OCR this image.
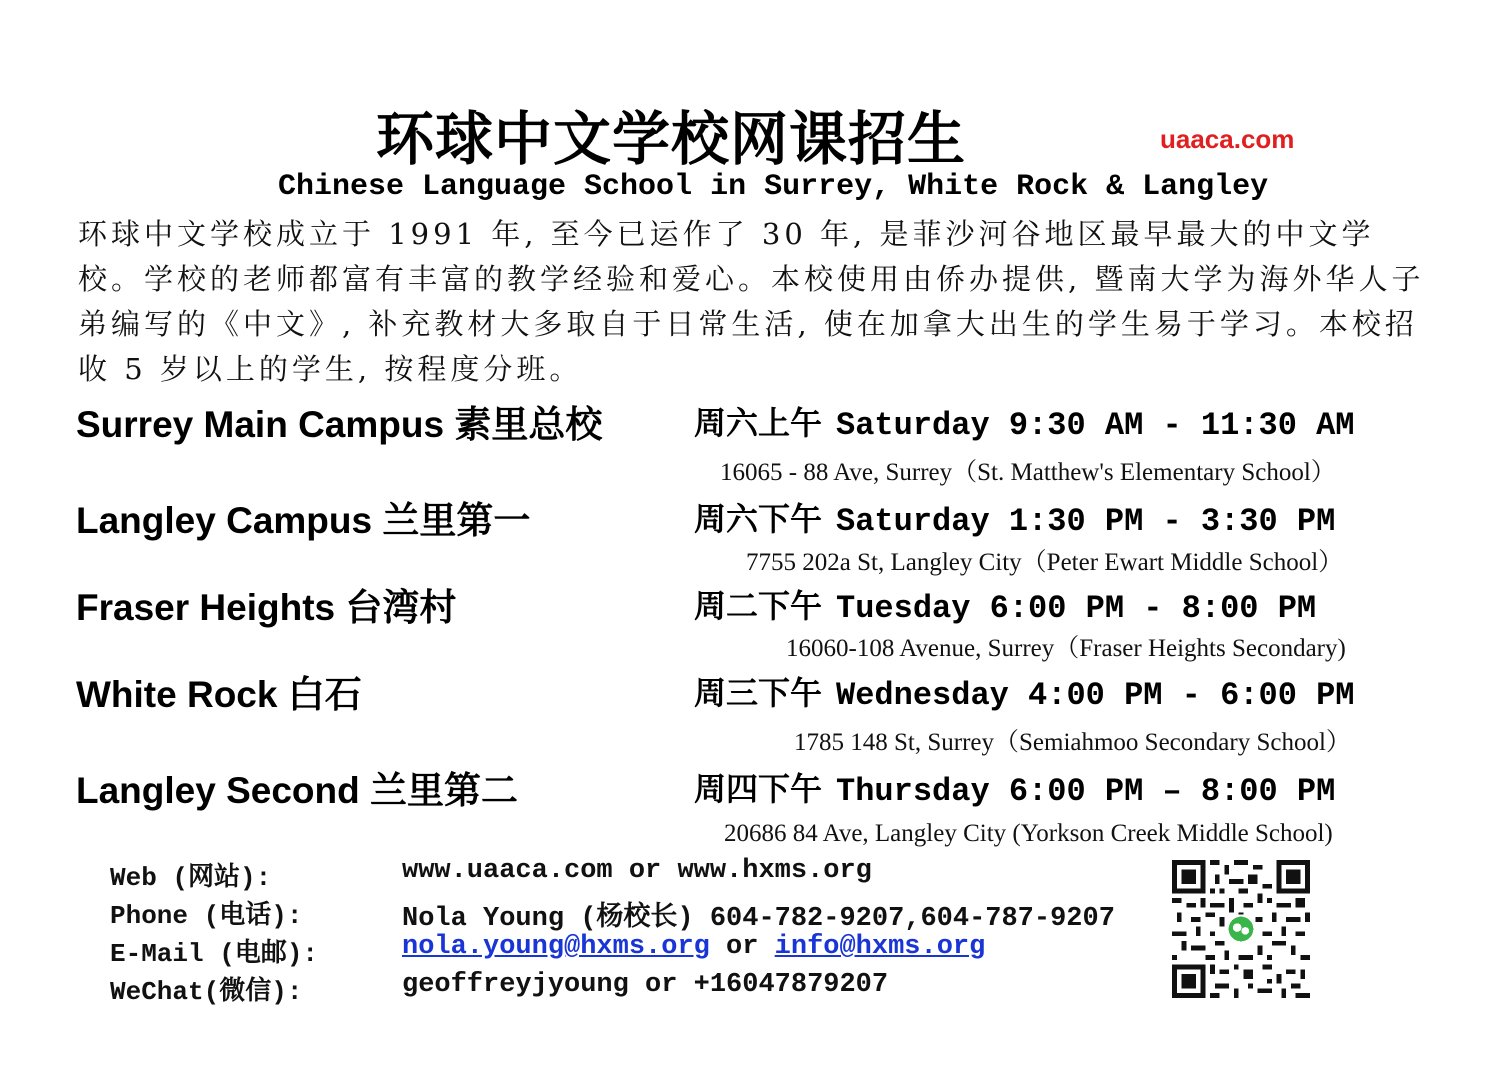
环球中文学校网课招生	uaaca.com
Chinese Language School in Surrey, White Rock & Langley
环球中文学校成立于 1991 年, 至今已运作了 30 年, 是菲沙河谷地区最早最大的中文学校。学校的老师都富有丰富的教学经验和爱心。本校使用由侨办提供, 暨南大学为海外华人子弟编写的《中文》, 补充教材大多取自于日常生活, 使在加拿大出生的学生易于学习。本校招收 5 岁以上的学生, 按程度分班。
Surrey Main Campus 素里总校	周六上午 Saturday 9:30 AM - 11:30 AM
16065 - 88 Ave, Surrey（St. Matthew's Elementary School）
Langley Campus 兰里第一	周六下午 Saturday 1:30 PM - 3:30 PM
7755 202a St, Langley City（Peter Ewart Middle School）
Fraser Heights 台湾村	周二下午 Tuesday 6:00 PM - 8:00 PM
16060-108 Avenue, Surrey（Fraser Heights Secondary)
White Rock 白石	周三下午 Wednesday 4:00 PM - 6:00 PM
1785 148 St, Surrey（Semiahmoo Secondary School）
Langley Second 兰里第二	周四下午 Thursday 6:00 PM – 8:00 PM
20686 84 Ave, Langley City (Yorkson Creek Middle School)
Web (网站):	www.uaaca.com or www.hxms.org
Phone (电话):	Nola Young (杨校长) 604-782-9207,604-787-9207
E-Mail (电邮):	nola.young@hxms.org or info@hxms.org
WeChat(微信):	geoffreyjyoung or +16047879207
